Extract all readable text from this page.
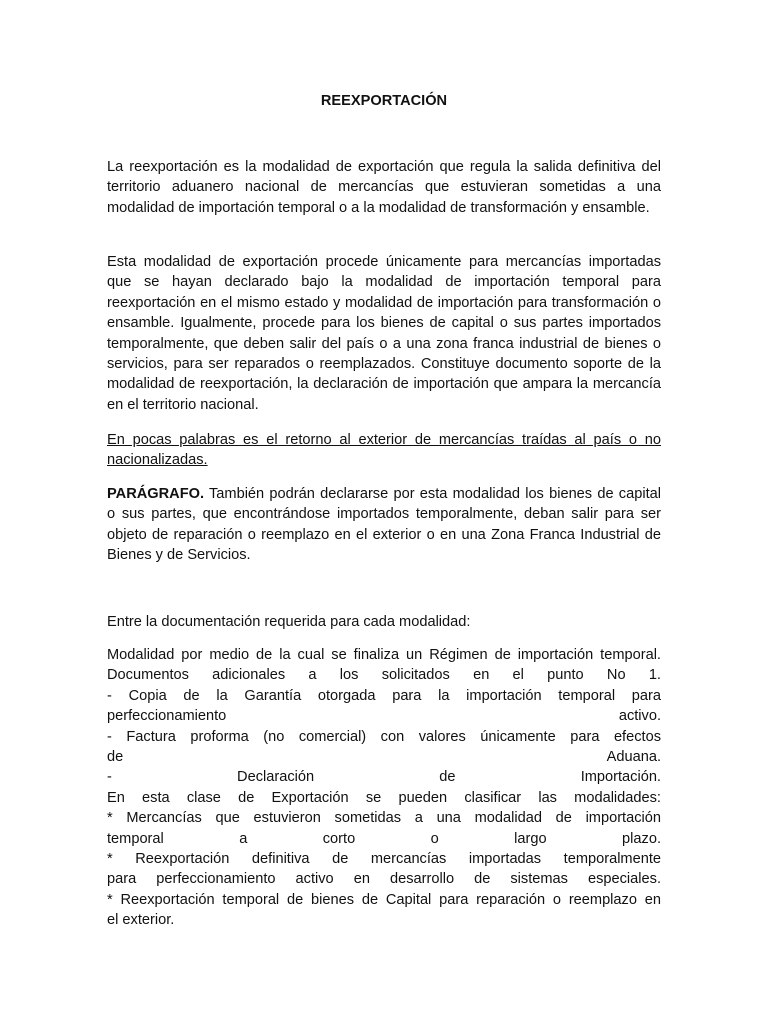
REEXPORTACIÓN

La reexportación es la modalidad de exportación que regula la salida definitiva del territorio aduanero nacional de mercancías que estuvieran sometidas a una modalidad de importación temporal o a la modalidad de transformación y ensamble.

Esta modalidad de exportación procede únicamente para mercancías importadas que se hayan declarado bajo la modalidad de importación temporal para reexportación en el mismo estado y modalidad de importación para transformación o ensamble. Igualmente, procede para los bienes de capital o sus partes importados temporalmente, que deben salir del país o a una zona franca industrial de bienes o servicios, para ser reparados o reemplazados. Constituye documento soporte de la modalidad de reexportación, la declaración de importación que ampara la mercancía en el territorio nacional.

En pocas palabras es el retorno al exterior de mercancías traídas al país o no nacionalizadas.

PARÁGRAFO. También podrán declararse por esta modalidad los bienes de capital o sus partes, que encontrándose importados temporalmente, deban salir para ser objeto de reparación o reemplazo en el exterior o en una Zona Franca Industrial de Bienes y de Servicios.

Entre la documentación requerida para cada modalidad:

Modalidad por medio de la cual se finaliza un Régimen de importación temporal.
Documentos adicionales a los solicitados en el punto No 1.
- Copia de la Garantía otorgada para la importación temporal para
perfeccionamiento activo.
- Factura proforma (no comercial) con valores únicamente para efectos
de Aduana.
- Declaración de Importación.
En esta clase de Exportación se pueden clasificar las modalidades:
* Mercancías que estuvieron sometidas a una modalidad de importación
temporal a corto o largo plazo.
* Reexportación definitiva de mercancías importadas temporalmente
para perfeccionamiento activo en desarrollo de sistemas especiales.
* Reexportación temporal de bienes de Capital para reparación o reemplazo en
el exterior.
